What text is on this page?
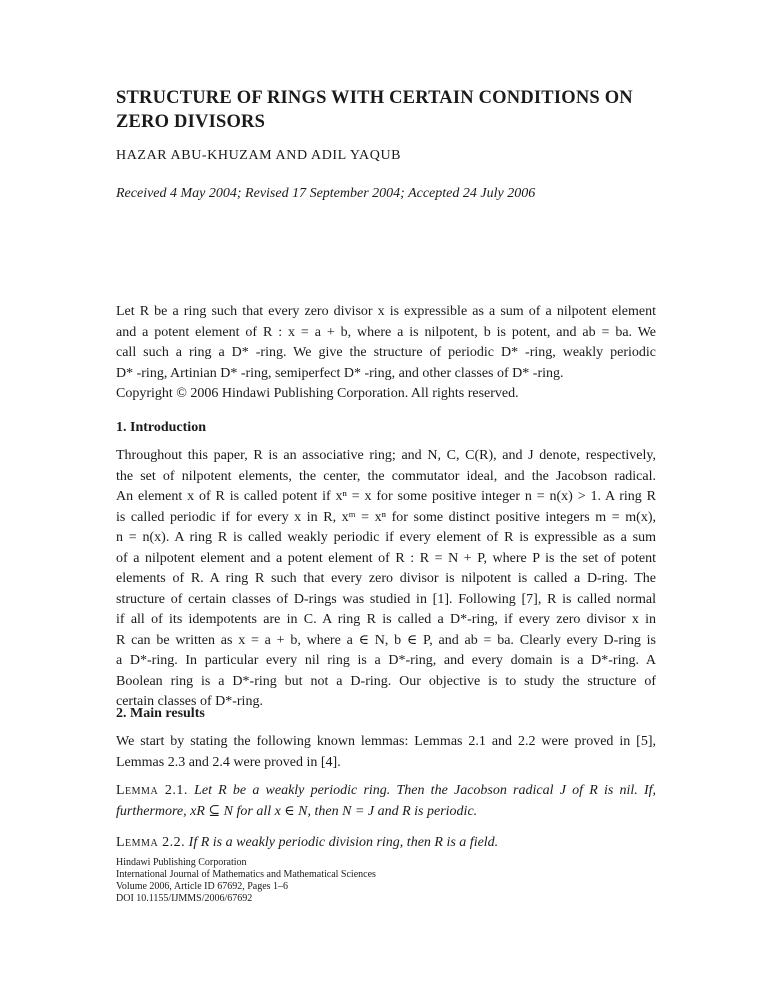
STRUCTURE OF RINGS WITH CERTAIN CONDITIONS ON
ZERO DIVISORS
HAZAR ABU-KHUZAM AND ADIL YAQUB
Received 4 May 2004; Revised 17 September 2004; Accepted 24 July 2006
Let R be a ring such that every zero divisor x is expressible as a sum of a nilpotent element
and a potent element of R : x = a + b, where a is nilpotent, b is potent, and ab = ba. We
call such a ring a D* -ring. We give the structure of periodic D* -ring, weakly periodic
D* -ring, Artinian D* -ring, semiperfect D* -ring, and other classes of D* -ring.
Copyright © 2006 Hindawi Publishing Corporation. All rights reserved.
1. Introduction
Throughout this paper, R is an associative ring; and N, C, C(R), and J denote, respectively,
the set of nilpotent elements, the center, the commutator ideal, and the Jacobson radical.
An element x of R is called potent if xⁿ = x for some positive integer n = n(x) > 1. A ring R
is called periodic if for every x in R, xᵐ = xⁿ for some distinct positive integers m = m(x),
n = n(x). A ring R is called weakly periodic if every element of R is expressible as a sum
of a nilpotent element and a potent element of R : R = N + P, where P is the set of potent
elements of R. A ring R such that every zero divisor is nilpotent is called a D-ring. The
structure of certain classes of D-rings was studied in [1]. Following [7], R is called normal
if all of its idempotents are in C. A ring R is called a D*-ring, if every zero divisor x in
R can be written as x = a + b, where a ∈ N, b ∈ P, and ab = ba. Clearly every D-ring is
a D*-ring. In particular every nil ring is a D*-ring, and every domain is a D*-ring. A
Boolean ring is a D*-ring but not a D-ring. Our objective is to study the structure of
certain classes of D*-ring.
2. Main results
We start by stating the following known lemmas: Lemmas 2.1 and 2.2 were proved in [5],
Lemmas 2.3 and 2.4 were proved in [4].
Lemma 2.1. Let R be a weakly periodic ring. Then the Jacobson radical J of R is nil. If,
furthermore, xR ⊆ N for all x ∈ N, then N = J and R is periodic.
Lemma 2.2. If R is a weakly periodic division ring, then R is a field.
Hindawi Publishing Corporation
International Journal of Mathematics and Mathematical Sciences
Volume 2006, Article ID 67692, Pages 1–6
DOI 10.1155/IJMMS/2006/67692
